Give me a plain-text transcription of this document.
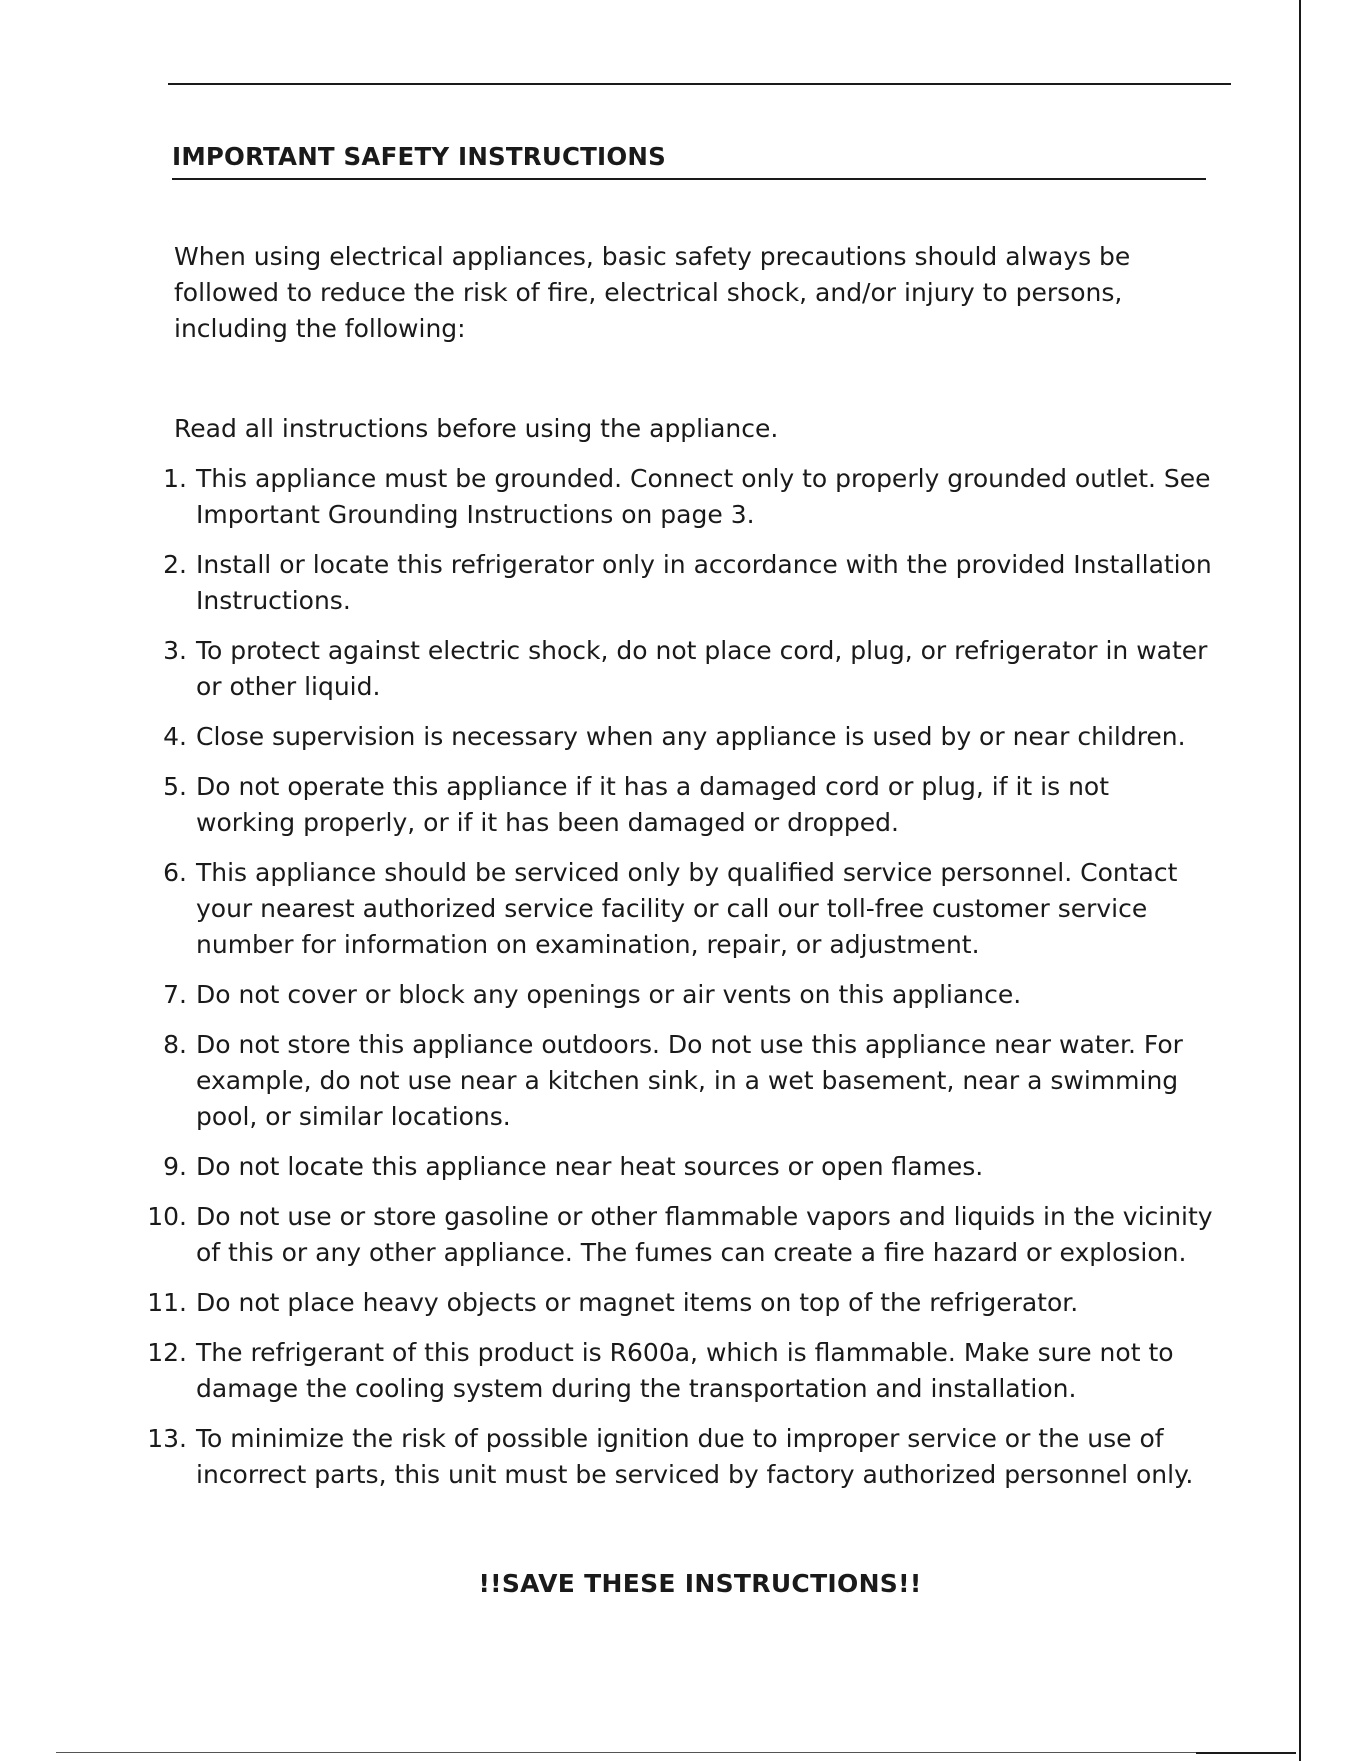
IMPORTANT SAFETY INSTRUCTIONS

When using electrical appliances, basic safety precautions should always be followed to reduce the risk of fire, electrical shock, and/or injury to persons, including the following:

Read all instructions before using the appliance.

1. This appliance must be grounded. Connect only to properly grounded outlet. See Important Grounding Instructions on page 3.
2. Install or locate this refrigerator only in accordance with the provided Installation Instructions.
3. To protect against electric shock, do not place cord, plug, or refrigerator in water or other liquid.
4. Close supervision is necessary when any appliance is used by or near children.
5. Do not operate this appliance if it has a damaged cord or plug, if it is not working properly, or if it has been damaged or dropped.
6. This appliance should be serviced only by qualified service personnel. Contact your nearest authorized service facility or call our toll-free customer service number for information on examination, repair, or adjustment.
7. Do not cover or block any openings or air vents on this appliance.
8. Do not store this appliance outdoors. Do not use this appliance near water. For example, do not use near a kitchen sink, in a wet basement, near a swimming pool, or similar locations.
9. Do not locate this appliance near heat sources or open flames.
10. Do not use or store gasoline or other flammable vapors and liquids in the vicinity of this or any other appliance. The fumes can create a fire hazard or explosion.
11. Do not place heavy objects or magnet items on top of the refrigerator.
12. The refrigerant of this product is R600a, which is flammable. Make sure not to damage the cooling system during the transportation and installation.
13. To minimize the risk of possible ignition due to improper service or the use of incorrect parts, this unit must be serviced by factory authorized personnel only.
!!SAVE THESE INSTRUCTIONS!!
